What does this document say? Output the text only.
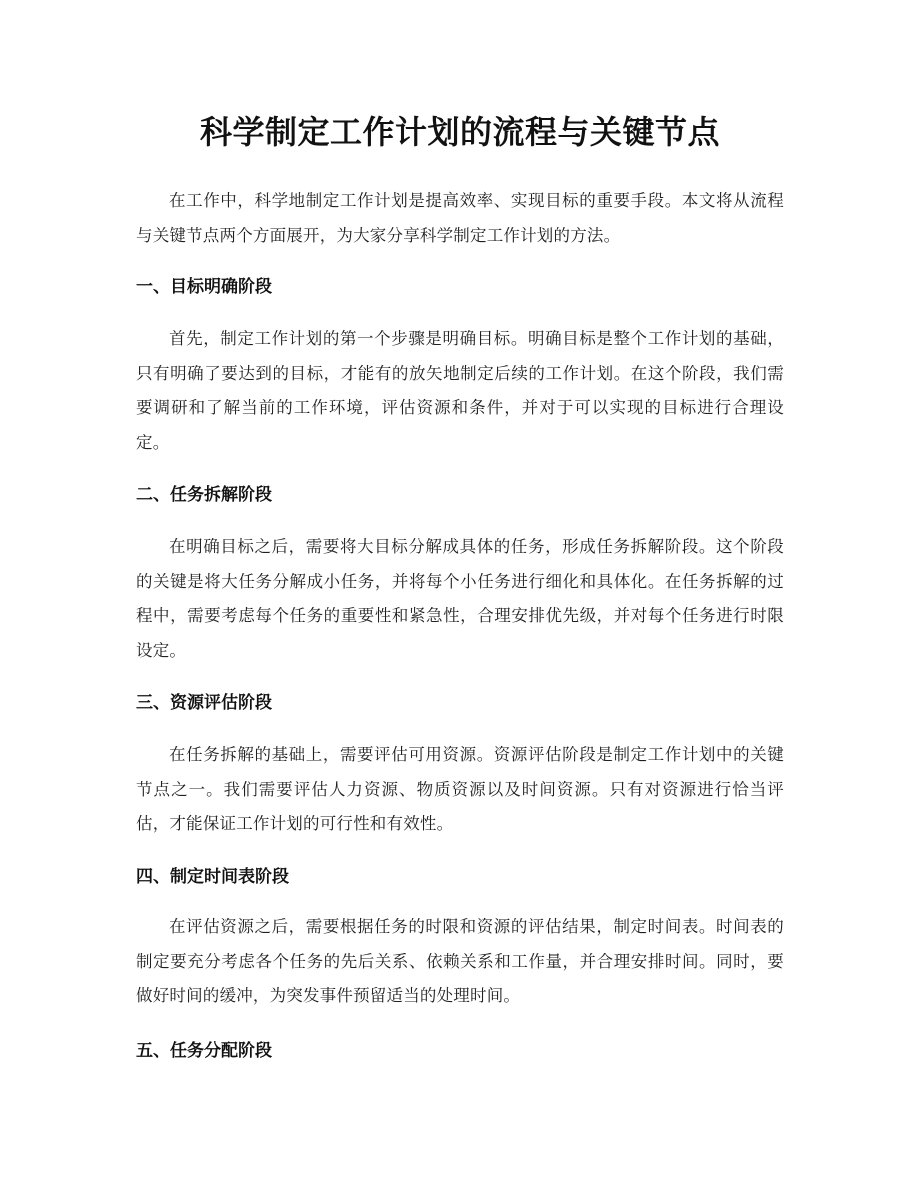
科学制定工作计划的流程与关键节点

在工作中，科学地制定工作计划是提高效率、实现目标的重要手段。本文将从流程与关键节点两个方面展开，为大家分享科学制定工作计划的方法。

一、目标明确阶段

首先，制定工作计划的第一个步骤是明确目标。明确目标是整个工作计划的基础，只有明确了要达到的目标，才能有的放矢地制定后续的工作计划。在这个阶段，我们需要调研和了解当前的工作环境，评估资源和条件，并对于可以实现的目标进行合理设定。

二、任务拆解阶段

在明确目标之后，需要将大目标分解成具体的任务，形成任务拆解阶段。这个阶段的关键是将大任务分解成小任务，并将每个小任务进行细化和具体化。在任务拆解的过程中，需要考虑每个任务的重要性和紧急性，合理安排优先级，并对每个任务进行时限设定。

三、资源评估阶段

在任务拆解的基础上，需要评估可用资源。资源评估阶段是制定工作计划中的关键节点之一。我们需要评估人力资源、物质资源以及时间资源。只有对资源进行恰当评估，才能保证工作计划的可行性和有效性。

四、制定时间表阶段

在评估资源之后，需要根据任务的时限和资源的评估结果，制定时间表。时间表的制定要充分考虑各个任务的先后关系、依赖关系和工作量，并合理安排时间。同时，要做好时间的缓冲，为突发事件预留适当的处理时间。

五、任务分配阶段
